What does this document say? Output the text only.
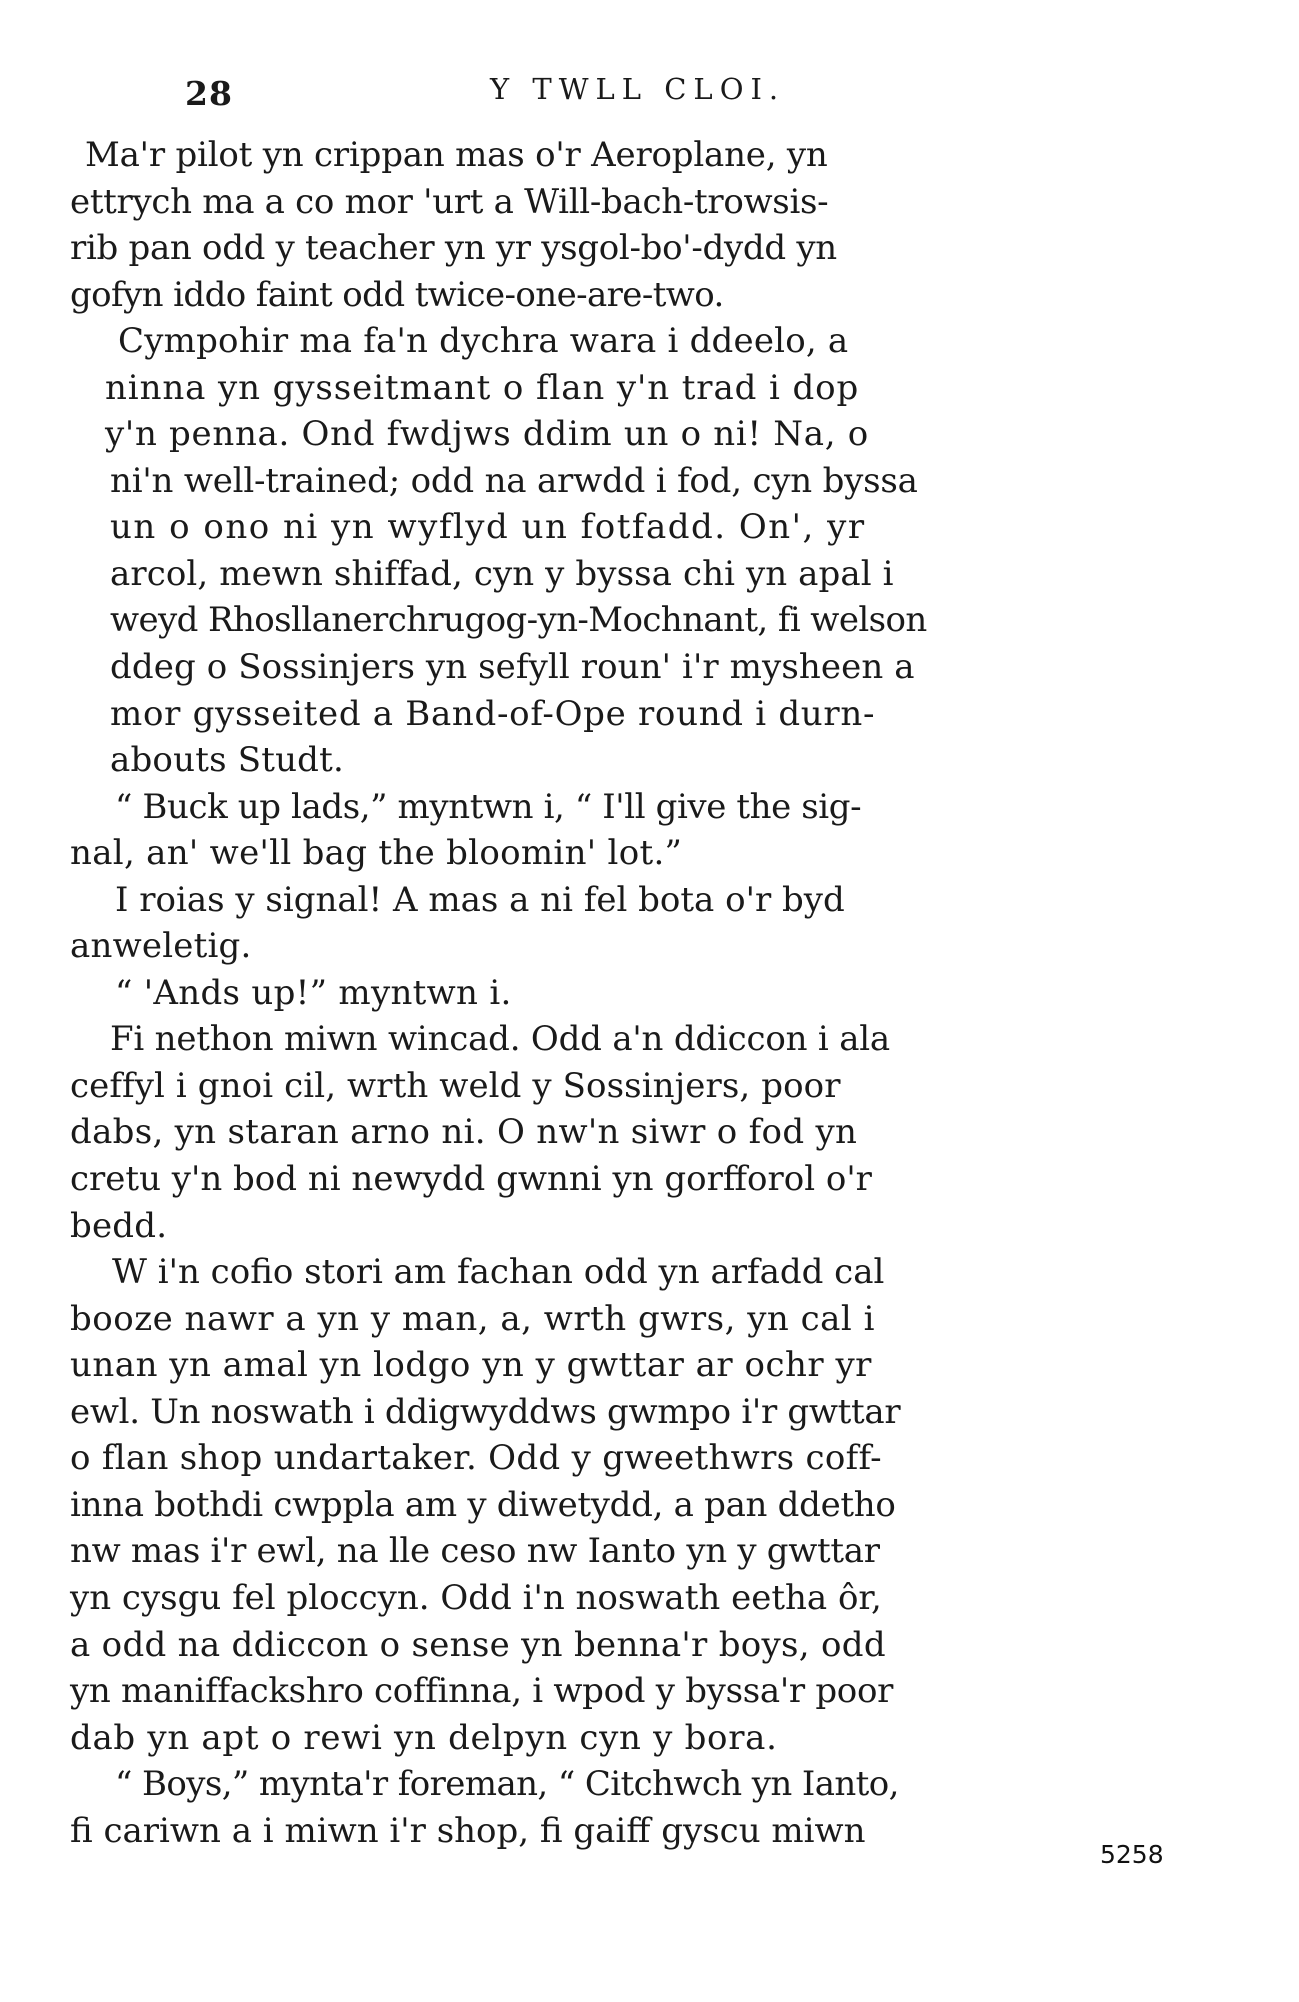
28	Y TWLL CLOI.
Ma'r pilot yn crippan mas o'r Aeroplane, yn
ettrych ma a co mor 'urt a Will-bach-trowsis-
rib pan odd y teacher yn yr ysgol-bo'-dydd yn
gofyn iddo faint odd twice-one-are-two.
Cympohir ma fa'n dychra wara i ddeelo, a
ninna yn gysseitmant o flan y'n trad i dop
y'n penna. Ond fwdjws ddim un o ni! Na, o
ni'n well-trained; odd na arwdd i fod, cyn byssa
un o ono ni yn wyflyd un fotfadd. On', yr
arcol, mewn shiffad, cyn y byssa chi yn apal i
weyd Rhosllanerchrugog-yn-Mochnant, fi welson
ddeg o Sossinjers yn sefyll roun' i'r mysheen a
mor gysseited a Band-of-Ope round i durn-
abouts Studt.
“ Buck up lads,” myntwn i, “ I'll give the sig-
nal, an' we'll bag the bloomin' lot.”
I roias y signal! A mas a ni fel bota o'r byd
anweletig.
“ 'Ands up!” myntwn i.
Fi nethon miwn wincad. Odd a'n ddiccon i ala
ceffyl i gnoi cil, wrth weld y Sossinjers, poor
dabs, yn staran arno ni. O nw'n siwr o fod yn
cretu y'n bod ni newydd gwnni yn gorfforol o'r
bedd.
W i'n cofio stori am fachan odd yn arfadd cal
booze nawr a yn y man, a, wrth gwrs, yn cal i
unan yn amal yn lodgo yn y gwttar ar ochr yr
ewl. Un noswath i ddigwyddws gwmpo i'r gwttar
o flan shop undartaker. Odd y gweethwrs coff-
inna bothdi cwppla am y diwetydd, a pan ddetho
nw mas i'r ewl, na lle ceso nw Ianto yn y gwttar
yn cysgu fel ploccyn. Odd i'n noswath eetha ôr,
a odd na ddiccon o sense yn benna'r boys, odd
yn maniffackshro coffinna, i wpod y byssa'r poor
dab yn apt o rewi yn delpyn cyn y bora.
“ Boys,” mynta'r foreman, “ Citchwch yn Ianto,
fi cariwn a i miwn i'r shop, fi gaiff gyscu miwn
5258
